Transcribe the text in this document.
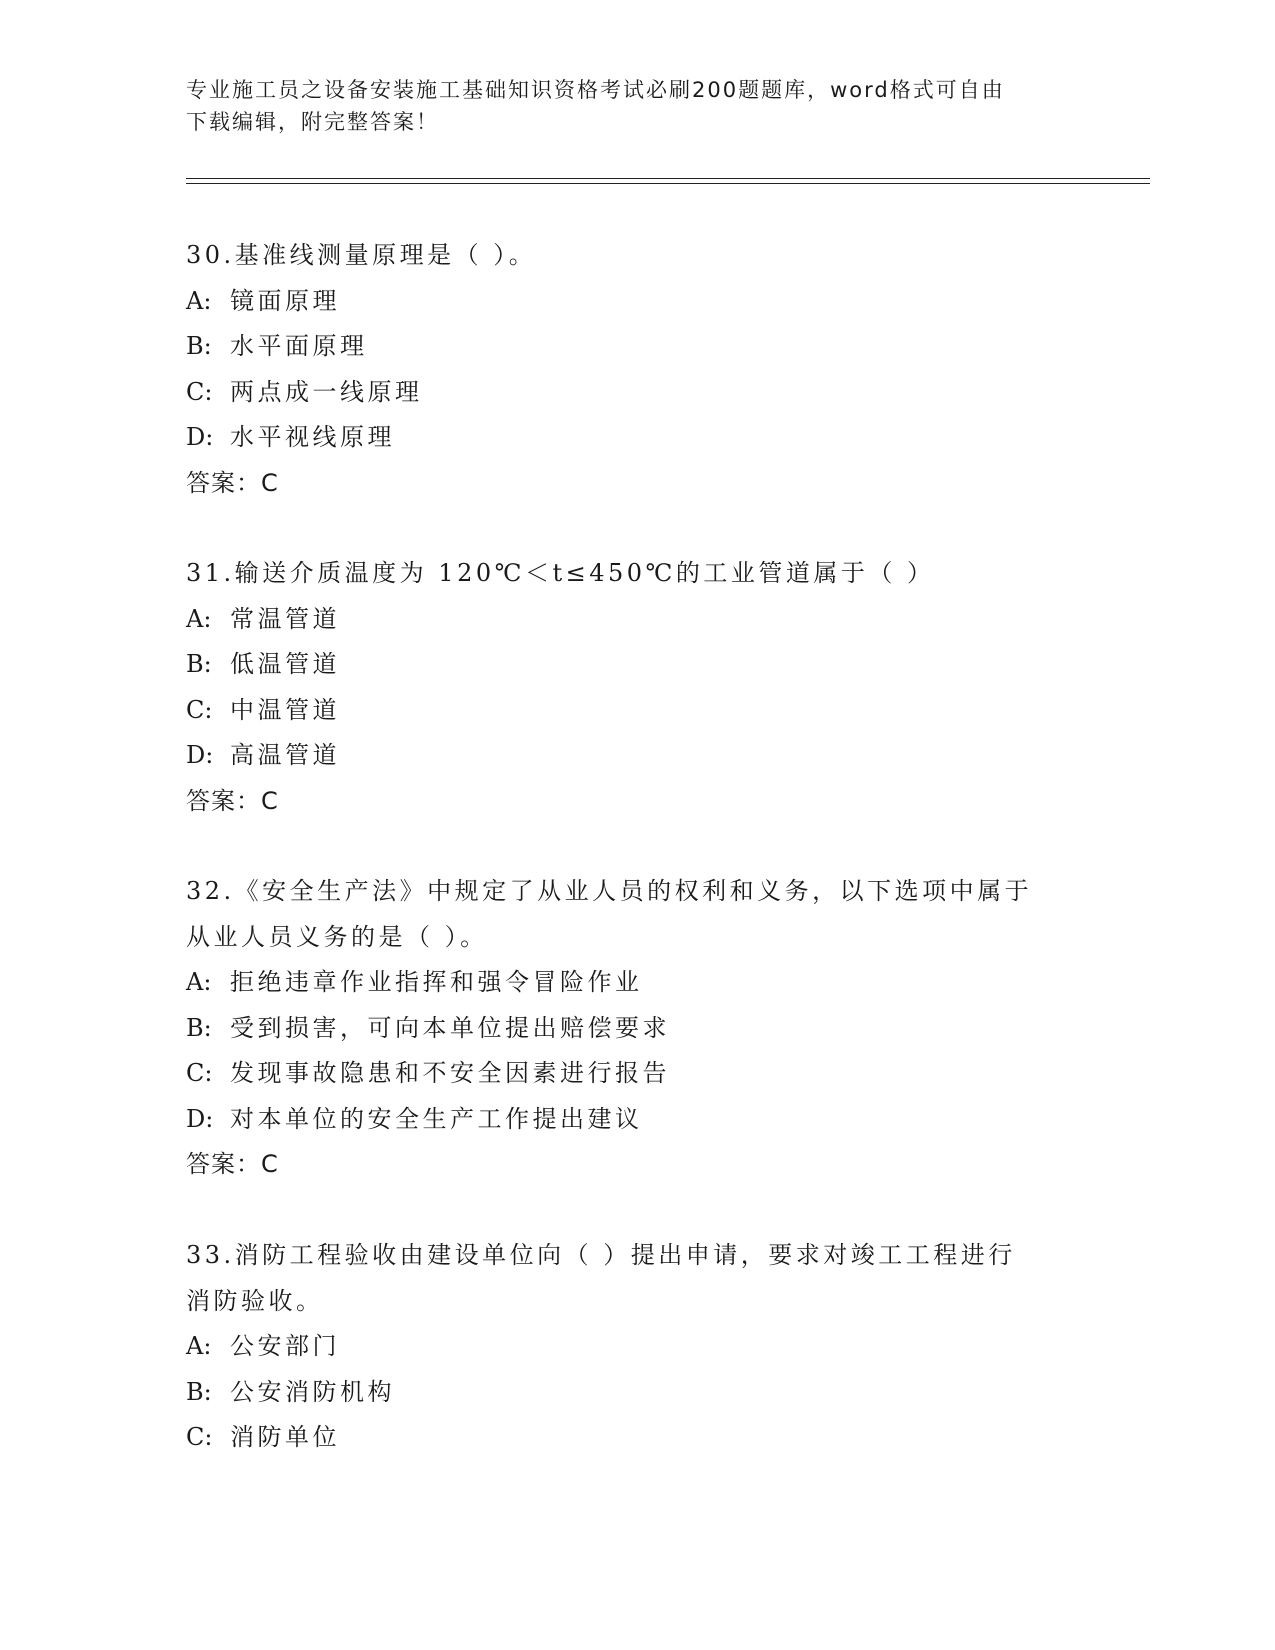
专业施工员之设备安装施工基础知识资格考试必刷200题题库，word格式可自由
下载编辑，附完整答案！
30.基准线测量原理是（ ）。
A: 镜面原理
B: 水平面原理
C: 两点成一线原理
D: 水平视线原理
答案：C
31.输送介质温度为 120℃＜t≤450℃的工业管道属于（ ）
A: 常温管道
B: 低温管道
C: 中温管道
D: 高温管道
答案：C
32.《安全生产法》中规定了从业人员的权利和义务，以下选项中属于
从业人员义务的是（ ）。
A: 拒绝违章作业指挥和强令冒险作业
B: 受到损害，可向本单位提出赔偿要求
C: 发现事故隐患和不安全因素进行报告
D: 对本单位的安全生产工作提出建议
答案：C
33.消防工程验收由建设单位向（ ）提出申请，要求对竣工工程进行
消防验收。
A: 公安部门
B: 公安消防机构
C: 消防单位
